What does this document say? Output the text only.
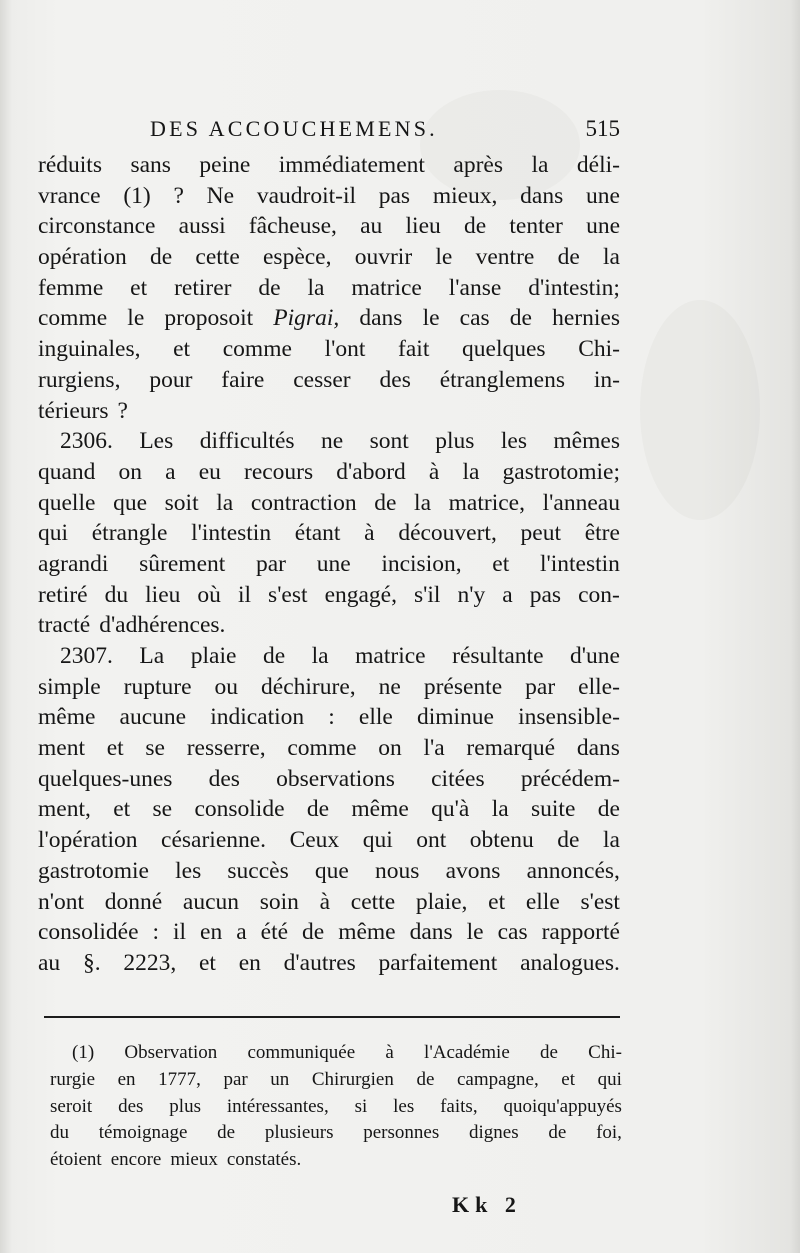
DES ACCOUCHEMENS.	515
réduits sans peine immédiatement après la déli-
vrance (1) ? Ne vaudroit-il pas mieux, dans une
circonstance aussi fâcheuse, au lieu de tenter une
opération de cette espèce, ouvrir le ventre de la
femme et retirer de la matrice l'anse d'intestin;
comme le proposoit Pigrai, dans le cas de hernies
inguinales, et comme l'ont fait quelques Chi-
rurgiens, pour faire cesser des étranglemens in-
térieurs ?
2306. Les difficultés ne sont plus les mêmes
quand on a eu recours d'abord à la gastrotomie;
quelle que soit la contraction de la matrice, l'anneau
qui étrangle l'intestin étant à découvert, peut être
agrandi sûrement par une incision, et l'intestin
retiré du lieu où il s'est engagé, s'il n'y a pas con-
tracté d'adhérences.
2307. La plaie de la matrice résultante d'une
simple rupture ou déchirure, ne présente par elle-
même aucune indication : elle diminue insensible-
ment et se resserre, comme on l'a remarqué dans
quelques-unes des observations citées précédem-
ment, et se consolide de même qu'à la suite de
l'opération césarienne. Ceux qui ont obtenu de la
gastrotomie les succès que nous avons annoncés,
n'ont donné aucun soin à cette plaie, et elle s'est
consolidée : il en a été de même dans le cas rapporté
au §. 2223, et en d'autres parfaitement analogues.
(1) Observation communiquée à l'Académie de Chi-
rurgie en 1777, par un Chirurgien de campagne, et qui
seroit des plus intéressantes, si les faits, quoiqu'appuyés
du témoignage de plusieurs personnes dignes de foi,
étoient encore mieux constatés.
Kk 2
